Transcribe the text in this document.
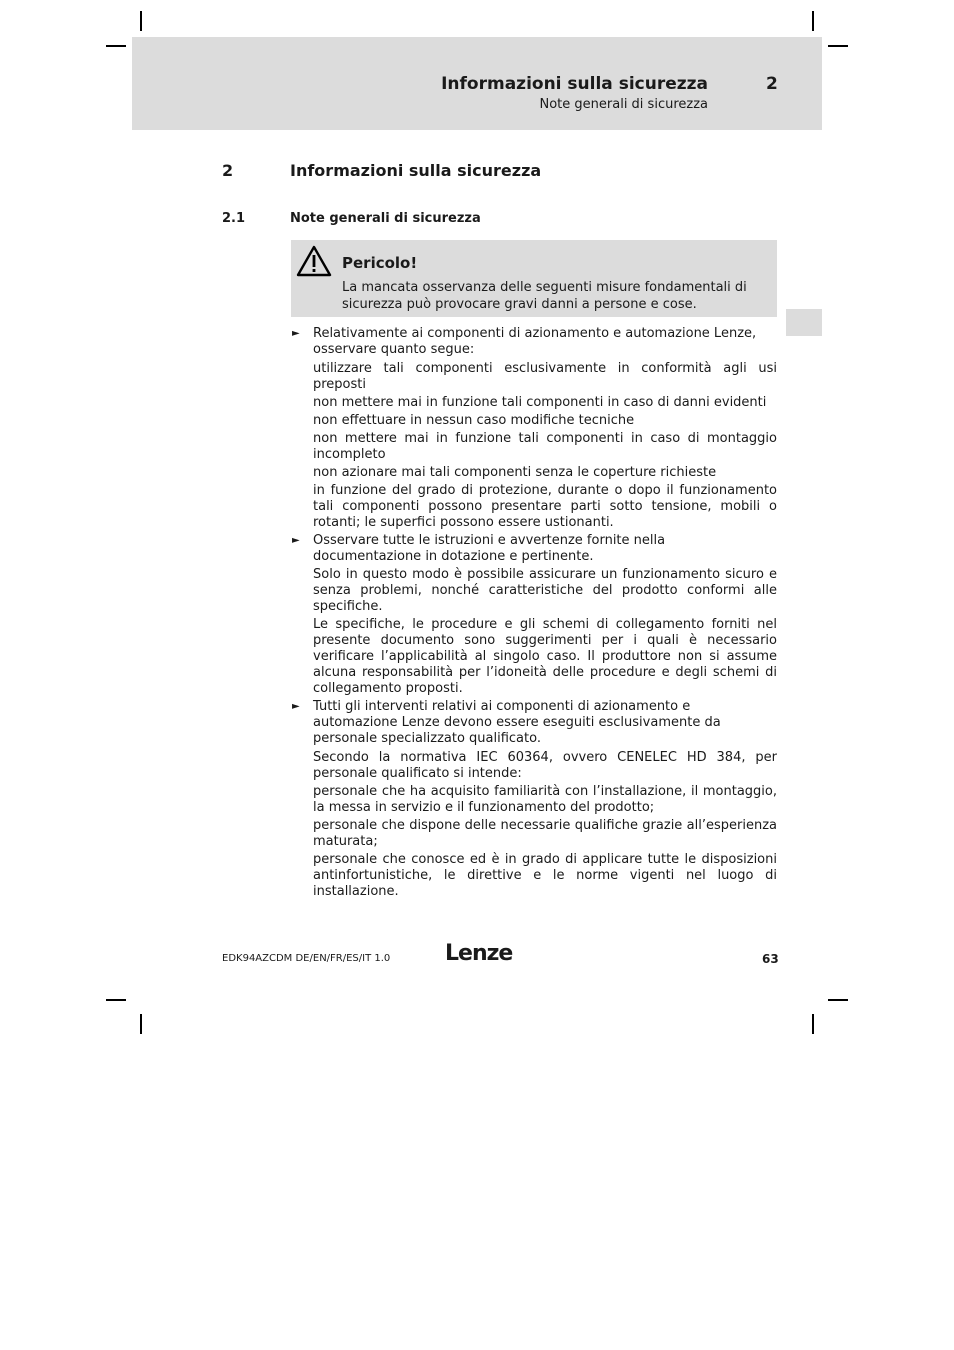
Informazioni sulla sicurezza	2
Note generali di sicurezza
2	Informazioni sulla sicurezza
2.1	Note generali di sicurezza
Pericolo!
La mancata osservanza delle seguenti misure fondamentali di sicurezza può provocare gravi danni a persone e cose.
► Relativamente ai componenti di azionamento e automazione Lenze, osservare quanto segue:
utilizzare tali componenti esclusivamente in conformità agli usi preposti
non mettere mai in funzione tali componenti in caso di danni evidenti
non effettuare in nessun caso modifiche tecniche
non mettere mai in funzione tali componenti in caso di montaggio incompleto
non azionare mai tali componenti senza le coperture richieste
in funzione del grado di protezione, durante o dopo il funzionamento tali componenti possono presentare parti sotto tensione, mobili o rotanti; le superfici possono essere ustionanti.
► Osservare tutte le istruzioni e avvertenze fornite nella documentazione in dotazione e pertinente.
Solo in questo modo è possibile assicurare un funzionamento sicuro e senza problemi, nonché caratteristiche del prodotto conformi alle specifiche.
Le specifiche, le procedure e gli schemi di collegamento forniti nel presente documento sono suggerimenti per i quali è necessario verificare l’applicabilità al singolo caso. Il produttore non si assume alcuna responsabilità per l’idoneità delle procedure e degli schemi di collegamento proposti.
► Tutti gli interventi relativi ai componenti di azionamento e automazione Lenze devono essere eseguiti esclusivamente da personale specializzato qualificato.
Secondo la normativa IEC 60364, ovvero CENELEC HD 384, per personale qualificato si intende:
personale che ha acquisito familiarità con l’installazione, il montaggio, la messa in servizio e il funzionamento del prodotto;
personale che dispone delle necessarie qualifiche grazie all’esperienza maturata;
personale che conosce ed è in grado di applicare tutte le disposizioni antinfortunistiche, le direttive e le norme vigenti nel luogo di installazione.
EDK94AZCDM DE/EN/FR/ES/IT 1.0 Lenze	63
